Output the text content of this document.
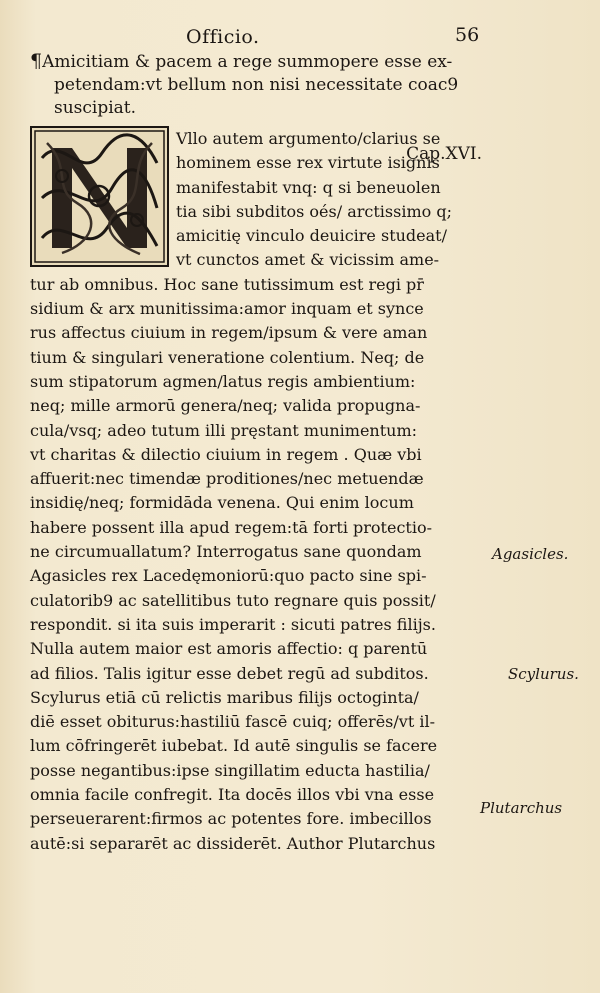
Officio.	56
¶Amicitiam & pacem a rege summopere esse ex-
petendam:vt bellum non nisi necessitate coac9
suscipiat.
Cap.XVI.
Vllo autem argumento/clarius se
hominem esse rex virtute isignis
manifestabit vnq: q si beneuolen
tia sibi subditos oés/ arctissimo q;
amicitię vinculo deuicire studeat/
vt cunctos amet & vicissim ame-
tur ab omnibus. Hoc sane tutissimum est regi pr̄
sidium & arx munitissima:amor inquam et synce
rus affectus ciuium in regem/ipsum & vere aman
tium & singulari veneratione colentium. Neq; de
sum stipatorum agmen/latus regis ambientium:
neq; mille armorū genera/neq; valida propugna-
cula/vsq; adeo tutum illi pręstant munimentum:
vt charitas & dilectio ciuium in regem . Quæ vbi
affuerit:nec timendæ proditiones/nec metuendæ
insidię/neq; formidāda venena. Qui enim locum
habere possent illa apud regem:tā forti protectio-
ne circumuallatum? Interrogatus sane quondam
Agasicles rex Lacedęmoniorū:quo pacto sine spi-
culatorib9 ac satellitibus tuto regnare quis possit/
respondit. si ita suis imperarit : sicuti patres filijs.
Nulla autem maior est amoris affectio: q parentū
ad filios. Talis igitur esse debet regū ad subditos.
Scylurus etiā cū relictis maribus filijs octoginta/
diē esset obiturus:hastiliū fascē cuiq; offerēs/vt il-
lum cōfringerēt iubebat. Id autē singulis se facere
posse negantibus:ipse singillatim educta hastilia/
omnia facile confregit. Ita docēs illos vbi vna esse
perseuerarent:firmos ac potentes fore. imbecillos
autē:si separarēt ac dissiderēt. Author Plutarchus
Agasicles.
Scylurus.
Plutarchus
